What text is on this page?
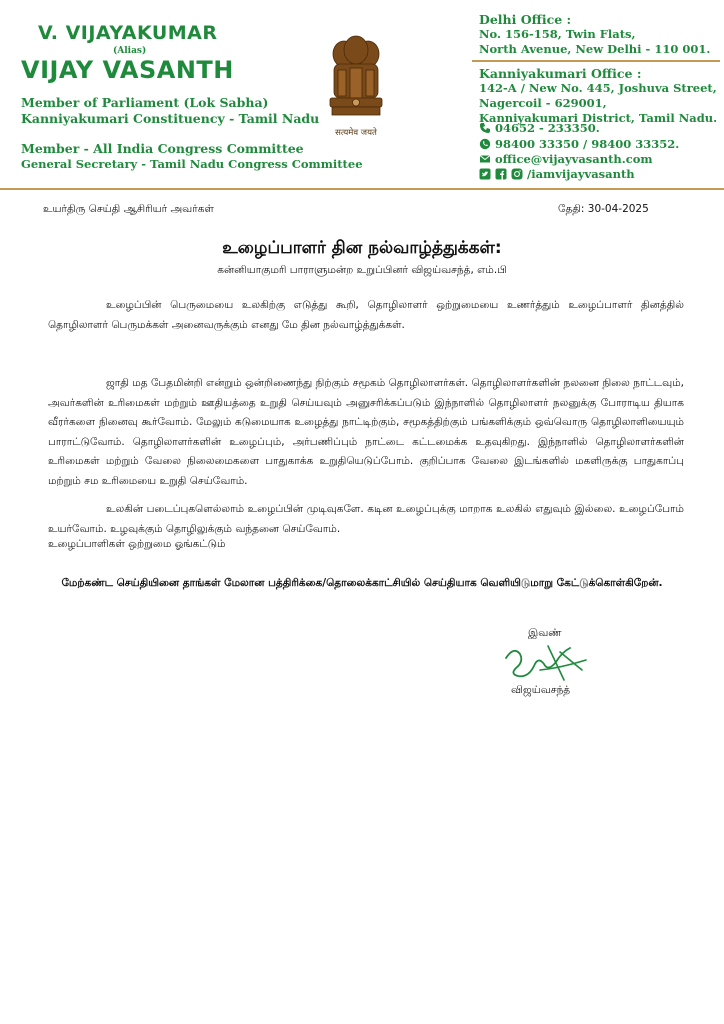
V. VIJAYAKUMAR
(Alias)
VIJAY VASANTH
Member of Parliament (Lok Sabha)
Kanniyakumari Constituency - Tamil Nadu
Member - All India Congress Committee
General Secretary - Tamil Nadu Congress Committee
सत्यमेव जयते
Delhi Office :
No. 156-158, Twin Flats,
North Avenue, New Delhi - 110 001.
Kanniyakumari Office :
142-A / New No. 445, Joshuva Street,
Nagercoil - 629001,
Kanniyakumari District, Tamil Nadu.
04652 - 233350.
98400 33350 / 98400 33352.
office@vijayvasanth.com
/iamvijayvasanth
உயர்திரு செய்தி ஆசிரியர் அவர்கள்	தேதி: 30-04-2025
உழைப்பாளர் தின நல்வாழ்த்துக்கள்:
கன்னியாகுமரி பாராளுமன்ற உறுப்பினர் விஜய்வசந்த், எம்.பி
உழைப்பின் பெருமையை உலகிற்கு எடுத்து கூறி, தொழிலாளர் ஒற்றுமையை உணர்த்தும் உழைப்பாளர் தினத்தில் தொழிலாளர் பெருமக்கள் அனைவருக்கும் எனது மே தின நல்வாழ்த்துக்கள்.
ஜாதி மத பேதமின்றி என்றும் ஒன்றிணைந்து நிற்கும் சமூகம் தொழிலாளர்கள். தொழிலாளர்களின் நலனை நிலை நாட்டவும், அவர்களின் உரிமைகள் மற்றும் ஊதியத்தை உறுதி செய்யவும் அனுசரிக்கப்படும் இந்நாளில் தொழிலாளர் நலனுக்கு போராடிய தியாக வீரர்களை நினைவு கூர்வோம். மேலும் கடுமையாக உழைத்து நாட்டிற்கும், சமூகத்திற்கும் பங்களிக்கும் ஒவ்வொரு தொழிலாளியையும் பாராட்டுவோம். தொழிலாளர்களின் உழைப்பும், அர்பணிப்பும் நாட்டை கட்டமைக்க உதவுகிறது. இந்நாளில் தொழிலாளர்களின் உரிமைகள் மற்றும் வேலை நிலைமைகளை பாதுகாக்க உறுதியெடுப்போம். குறிப்பாக வேலை இடங்களில் மகளிருக்கு பாதுகாப்பு மற்றும் சம உரிமையை உறுதி செய்வோம்.
உலகின் படைப்புகளெல்லாம் உழைப்பின் முடிவுகளே. கடின உழைப்புக்கு மாறாக உலகில் எதுவும் இல்லை. உழைப்போம் உயர்வோம். உழவுக்கும் தொழிலுக்கும் வந்தனை செய்வோம்.
உழைப்பாளிகள் ஒற்றுமை ஓங்கட்டும்
மேற்கண்ட செய்தியினை தாங்கள் மேலான பத்திரிக்கை/தொலைக்காட்சியில் செய்தியாக வெளியிடுமாறு கேட்டுக்கொள்கிறேன்.
இவண்
விஜய்வசந்த்
